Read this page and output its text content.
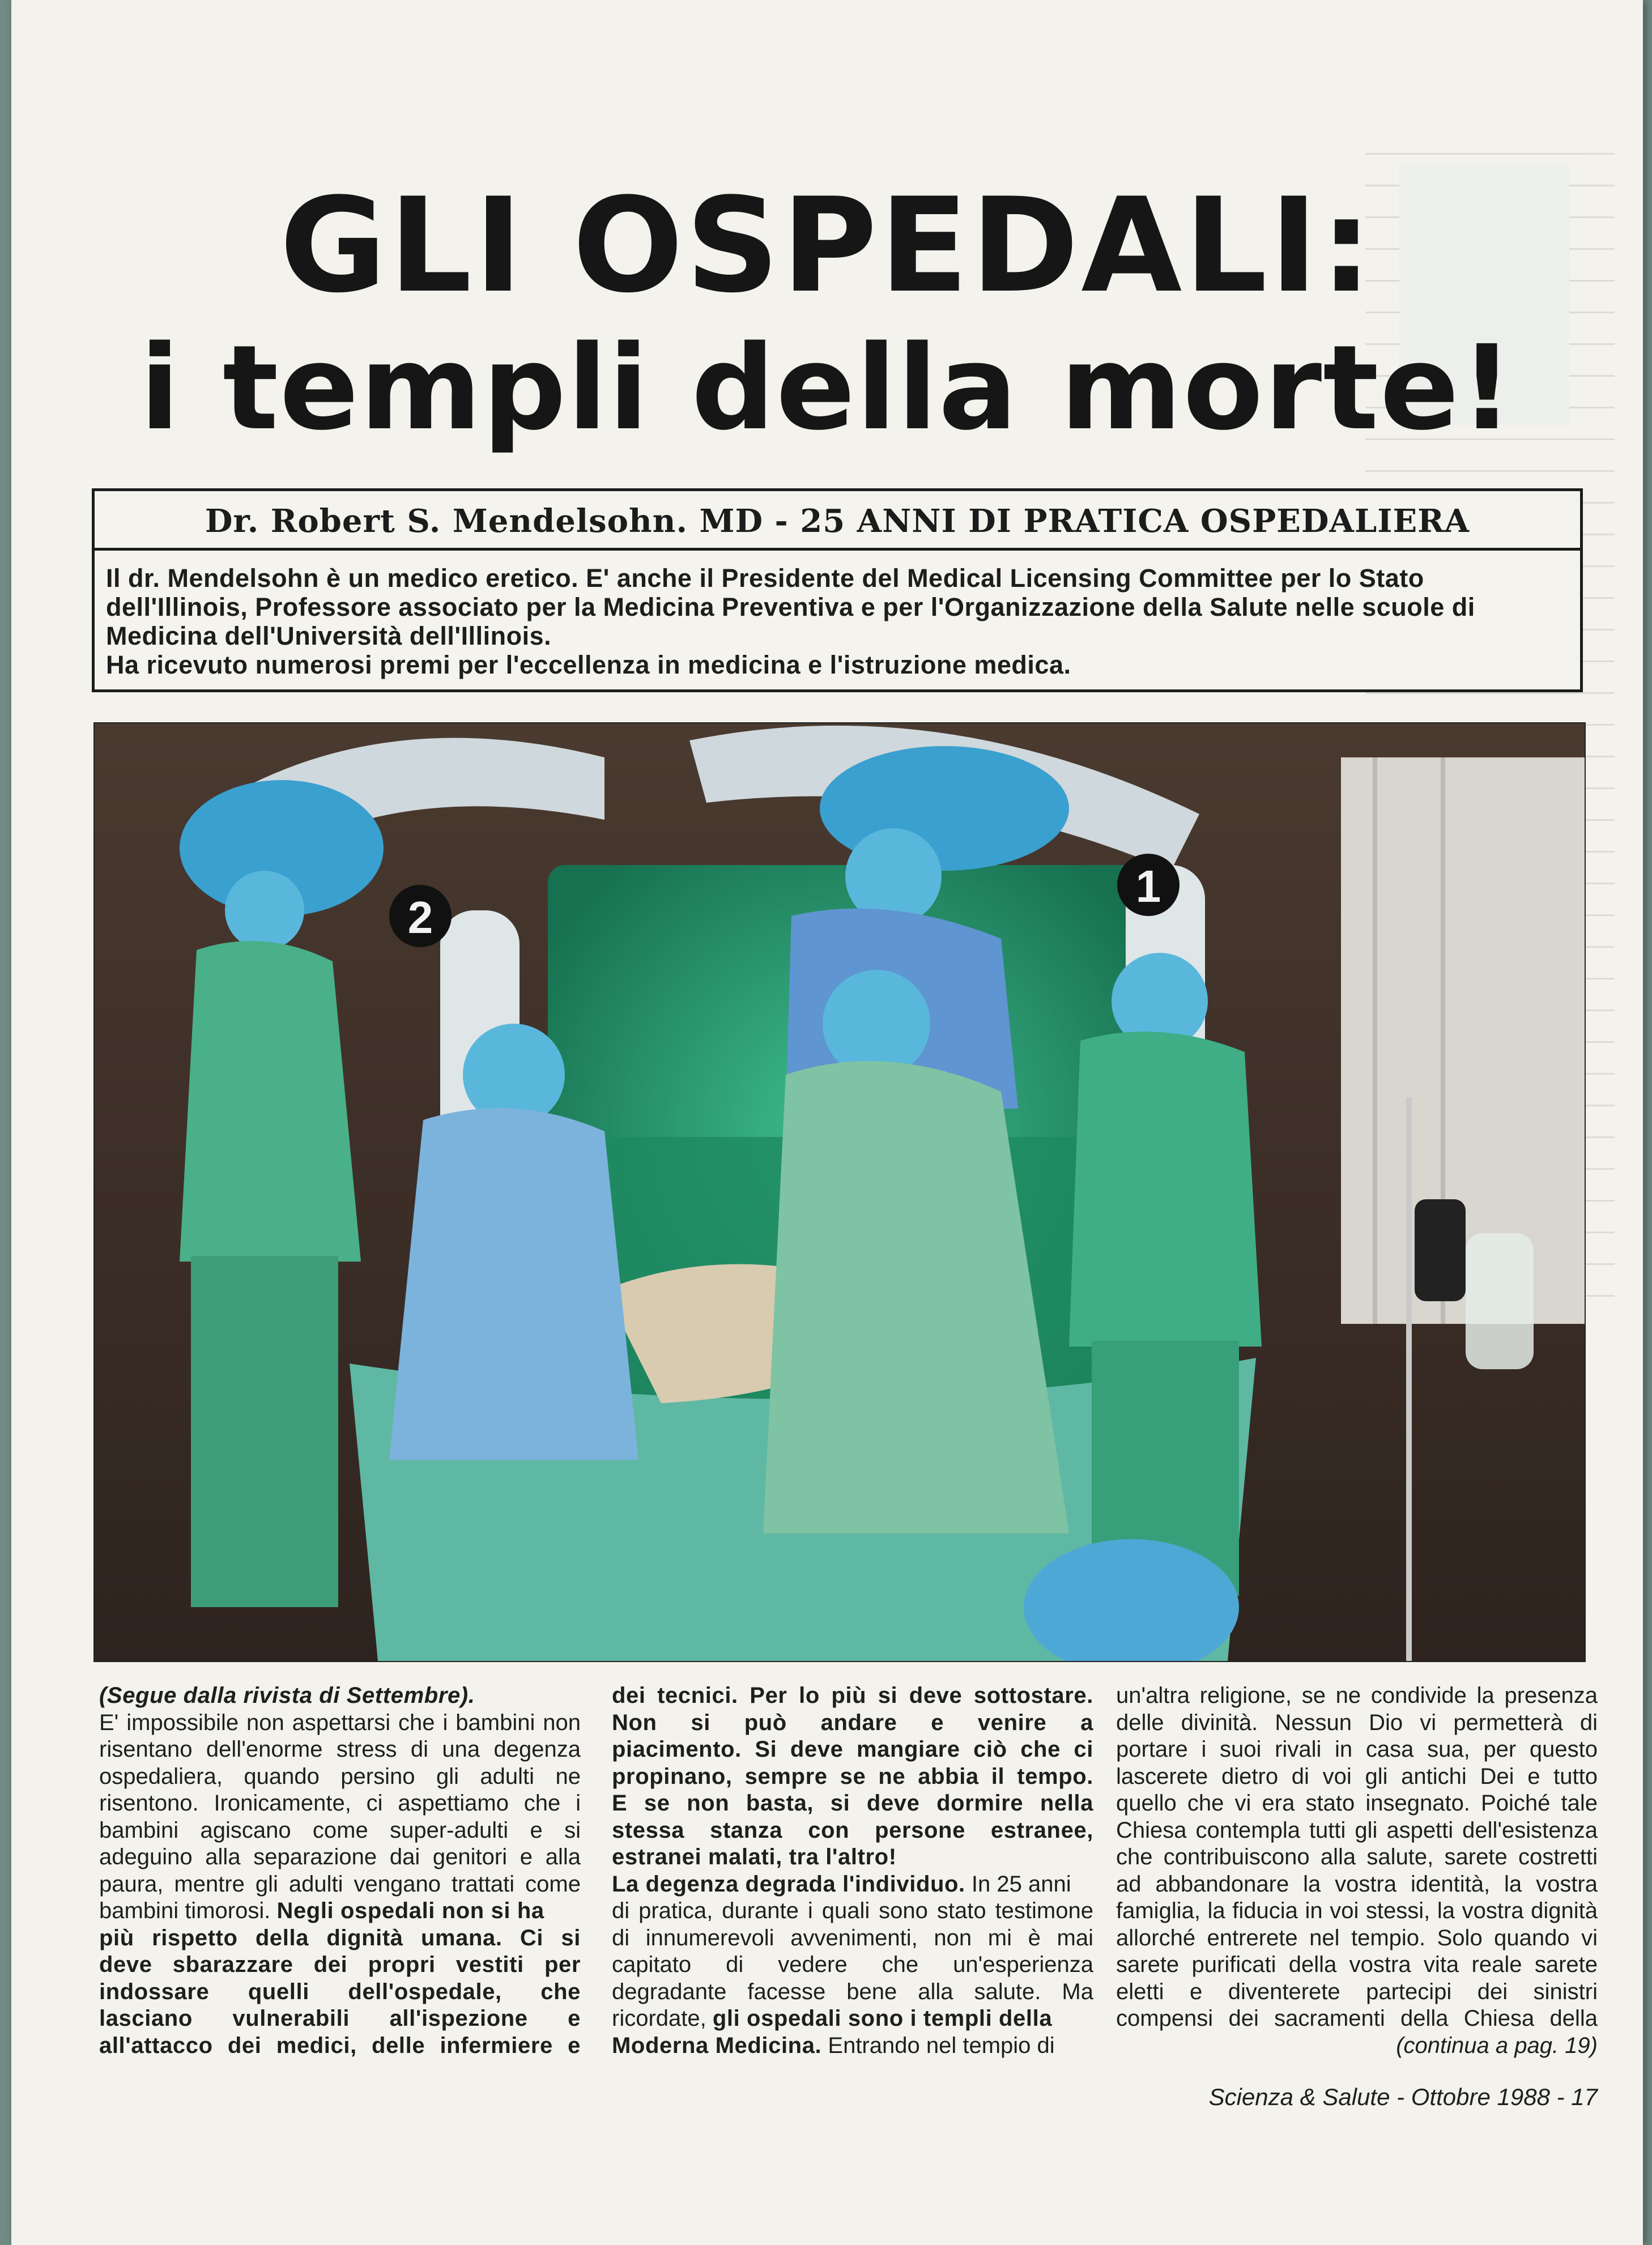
GLI OSPEDALI:
i templi della morte!
Dr. Robert S. Mendelsohn. MD - 25 ANNI DI PRATICA OSPEDALIERA
Il dr. Mendelsohn è un medico eretico. E' anche il Presidente del Medical Licensing Committee per lo Stato
dell'Illinois, Professore associato per la Medicina Preventiva e per l'Organizzazione della Salute nelle scuole di
Medicina dell'Università dell'Illinois.
Ha ricevuto numerosi premi per l'eccellenza in medicina e l'istruzione medica.
2
1
(Segue dalla rivista di Settembre).
E' impossibile non aspettarsi che i bambini non
risentano dell'enorme stress di una degenza
ospedaliera, quando persino gli adulti ne
risentono. Ironicamente, ci aspettiamo che i
bambini agiscano come super-adulti e si
adeguino alla separazione dai genitori e alla
paura, mentre gli adulti vengano trattati come
bambini timorosi. Negli ospedali non si ha
più rispetto della dignità umana. Ci si
deve sbarazzare dei propri vestiti per
indossare quelli dell'ospedale, che
lasciano vulnerabili all'ispezione e
all'attacco dei medici, delle infermiere e
dei tecnici. Per lo più si deve sottostare.
Non si può andare e venire a
piacimento. Si deve mangiare ciò che ci
propinano, sempre se ne abbia il tempo.
E se non basta, si deve dormire nella
stessa stanza con persone estranee,
estranei malati, tra l'altro!
La degenza degrada l'individuo. In 25 anni
di pratica, durante i quali sono stato testimone
di innumerevoli avvenimenti, non mi è mai
capitato di vedere che un'esperienza
degradante facesse bene alla salute. Ma
ricordate, gli ospedali sono i templi della
Moderna Medicina. Entrando nel tempio di
un'altra religione, se ne condivide la presenza
delle divinità. Nessun Dio vi permetterà di
portare i suoi rivali in casa sua, per questo
lascerete dietro di voi gli antichi Dei e tutto
quello che vi era stato insegnato. Poiché tale
Chiesa contempla tutti gli aspetti dell'esistenza
che contribuiscono alla salute, sarete costretti
ad abbandonare la vostra identità, la vostra
famiglia, la fiducia in voi stessi, la vostra dignità
allorché entrerete nel tempio. Solo quando vi
sarete purificati della vostra vita reale sarete
eletti e diventerete partecipi dei sinistri
compensi dei sacramenti della Chiesa della
(continua a pag. 19)
Scienza & Salute - Ottobre 1988 - 17
